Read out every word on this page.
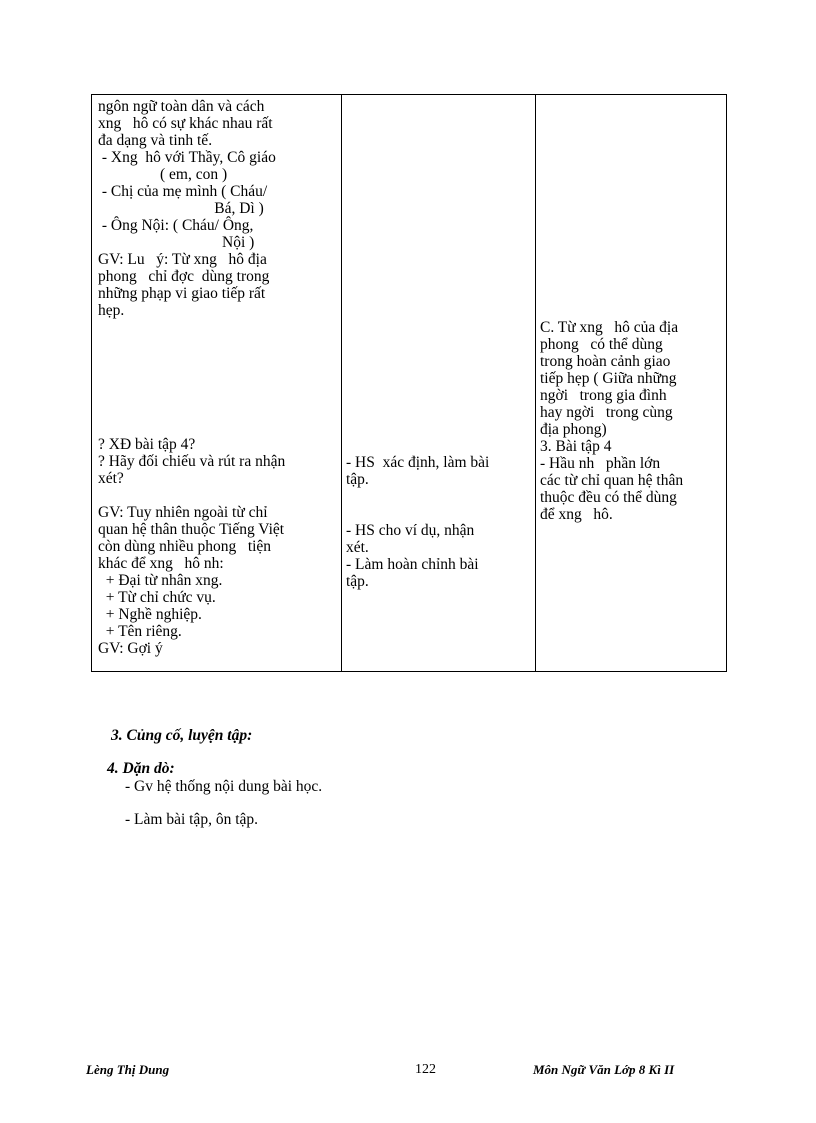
ngôn ngữ toàn dân và cách
xng   hô có sự khác nhau rất
đa dạng và tinh tế.
- Xng  hô với Thầy, Cô giáo
( em, con )
- Chị của mẹ mình ( Cháu/
Bá, Dì )
- Ông Nội: ( Cháu/ Ông,
Nội )
GV: Lu   ý: Từ xng   hô địa
phong   chỉ đợc  dùng trong
những phạp vi giao tiếp rất
hẹp.
? XĐ bài tập 4?
? Hãy đối chiếu và rút ra nhận
xét?
GV: Tuy nhiên ngoài từ chỉ
quan hệ thân thuộc Tiếng Việt
còn dùng nhiều phong   tiện
khác để xng   hô nh:
+ Đại từ nhân xng.
+ Từ chỉ chức vụ.
+ Nghề nghiệp.
+ Tên riêng.
GV: Gợi ý
- HS  xác định, làm bài
tập.
- HS cho ví dụ, nhận
xét.
- Làm hoàn chỉnh bài
tập.
C. Từ xng   hô của địa
phong   có thể dùng
trong hoàn cảnh giao
tiếp hẹp ( Giữa những
ngời   trong gia đình
hay ngời   trong cùng
địa phong)
3. Bài tập 4
- Hầu nh   phần lớn
các từ chỉ quan hệ thân
thuộc đều có thể dùng
để xng   hô.

3. Củng cố, luyện tập:

- Gv hệ thống nội dung bài học.

4. Dặn dò:

- Làm bài tập, ôn tập.

Lèng Thị Dung	122	Môn Ngữ Văn Lớp 8 Kì II
